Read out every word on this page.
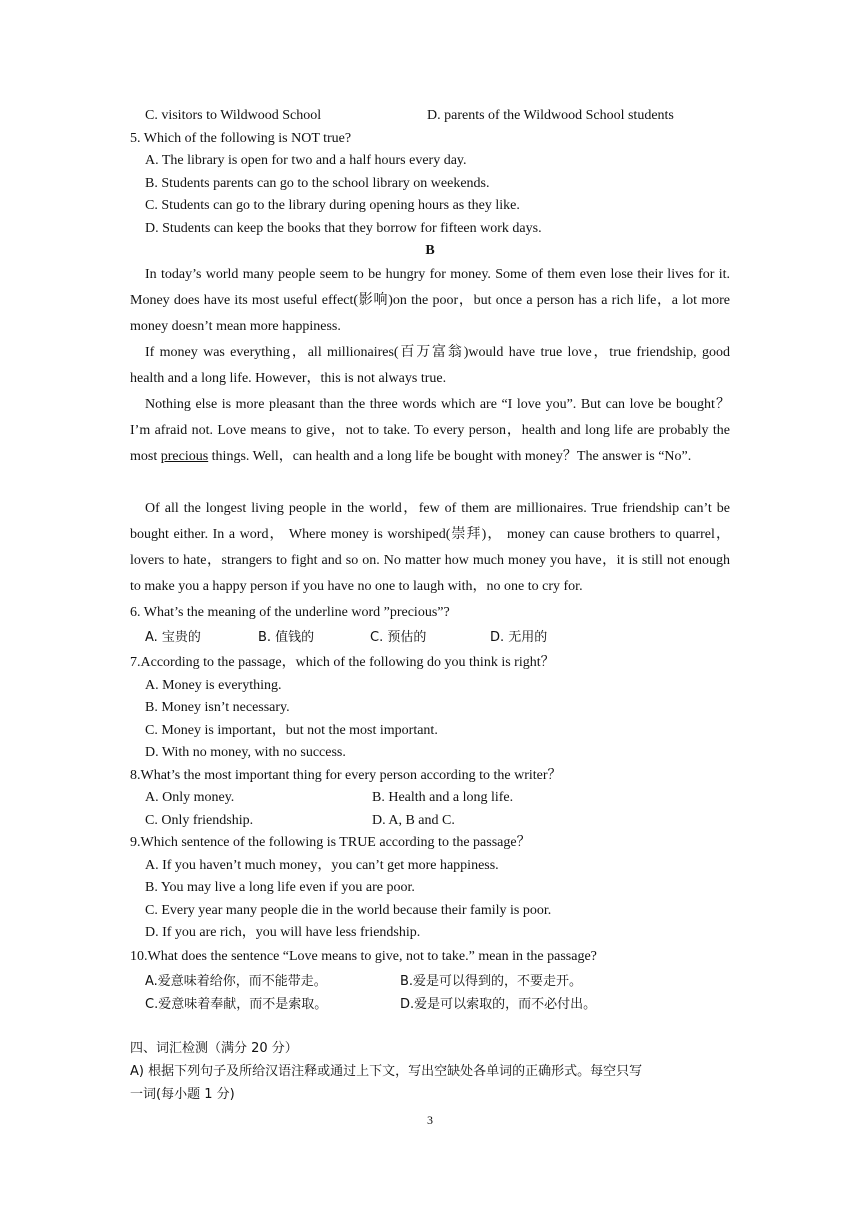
C. visitors to Wildwood School	D. parents of the Wildwood School students
5. Which of the following is NOT true?
A. The library is open for two and a half hours every day.
B. Students parents can go to the school library on weekends.
C. Students can go to the library during opening hours as they like.
D. Students can keep the books that they borrow for fifteen work days.
B
In today’s world many people seem to be hungry for money. Some of them even lose their lives for it. Money does have its most useful effect(影响)on the poor，but once a person has a rich life，a lot more money doesn’t mean more happiness.
If money was everything，all millionaires(百万富翁)would have true love，true friendship, good health and a long life. However，this is not always true.
Nothing else is more pleasant than the three words which are “I love you”. But can love be bought？I’m afraid not. Love means to give，not to take. To every person，health and long life are probably the most precious things. Well，can health and a long life be bought with money？The answer is “No”.
Of all the longest living people in the world，few of them are millionaires. True friendship can’t be bought either. In a word， Where money is worshiped(崇拜)， money can cause brothers to quarrel，lovers to hate，strangers to fight and so on. No matter how much money you have，it is still not enough to make you a happy person if you have no one to laugh with，no one to cry for.
6. What’s the meaning of the underline word ”precious”?
A. 宝贵的	B. 值钱的	C. 预估的	D. 无用的
7.According to the passage，which of the following do you think is right？
A. Money is everything.
B. Money isn’t necessary.
C. Money is important，but not the most important.
D. With no money, with no success.
8.What’s the most important thing for every person according to the writer？
A. Only money.	B. Health and a long life.
C. Only friendship.	D. A, B and C.
9.Which sentence of the following is TRUE according to the passage？
A. If you haven’t much money，you can’t get more happiness.
B. You may live a long life even if you are poor.
C. Every year many people die in the world because their family is poor.
D. If you are rich，you will have less friendship.
10.What does the sentence “Love means to give, not to take.” mean in the passage?
A.爱意味着给你，而不能带走。	B.爱是可以得到的，不要走开。
C.爱意味着奉献，而不是索取。	D.爱是可以索取的，而不必付出。
四、词汇检测（满分 20 分）
A) 根据下列句子及所给汉语注释或通过上下文，写出空缺处各单词的正确形式。每空只写
一词(每小题 1 分)
3
